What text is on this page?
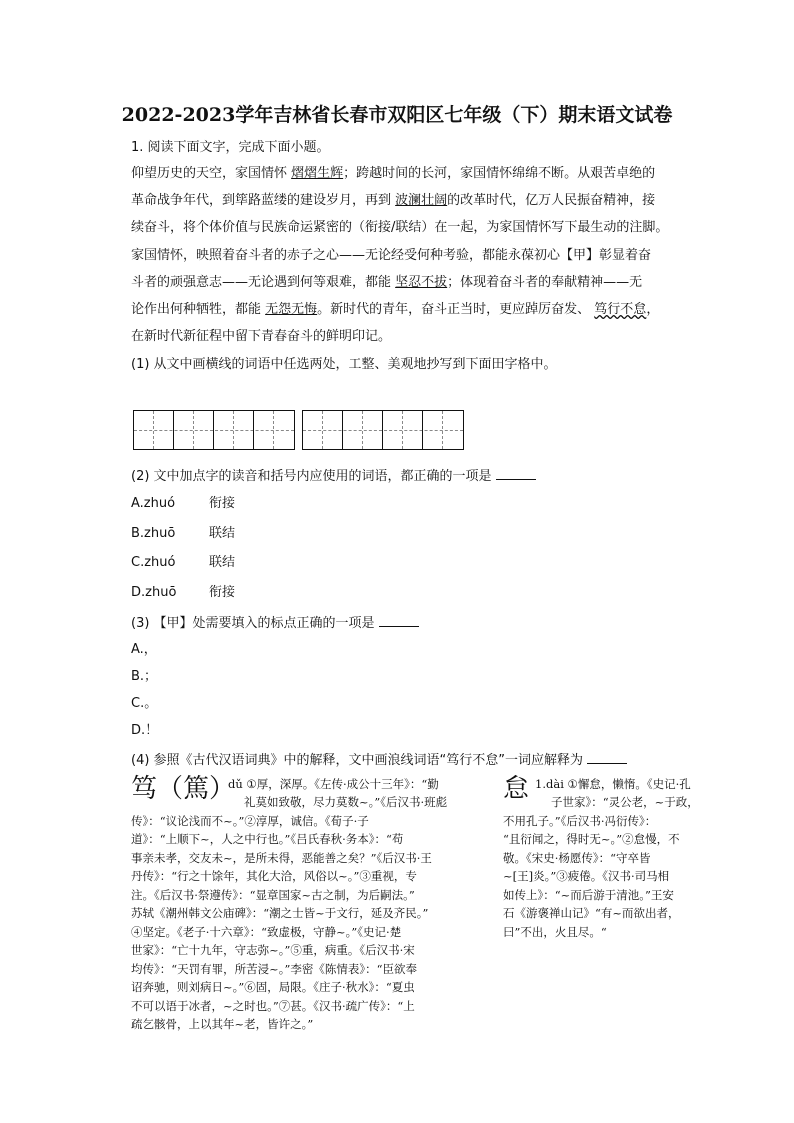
2022-2023学年吉林省长春市双阳区七年级（下）期末语文试卷
1. 阅读下面文字，完成下面小题。
仰望历史的天空，家国情怀 熠熠生辉；跨越时间的长河，家国情怀绵绵不断。从艰苦卓绝的
革命战争年代，到筚路蓝缕的建设岁月，再到 波澜壮阔的改革时代，亿万人民振奋精神，接
续奋斗，将个体价值与民族命运紧密的（衔接/联结）在一起，为家国情怀写下最生动的注脚。
家国情怀，映照着奋斗者的赤子之心——无论经受何种考验，都能永葆初心【甲】彰显着奋
斗者的顽强意志——无论遇到何等艰难，都能 坚忍不拔；体现着奋斗者的奉献精神——无
论作出何种牺牲，都能 无怨无悔。新时代的青年，奋斗正当时，更应踔厉奋发、 笃行不怠，
在新时代新征程中留下青春奋斗的鲜明印记。
(1) 从文中画横线的词语中任选两处，工整、美观地抄写到下面田字格中。
(2) 文中加点字的读音和括号内应使用的词语，都正确的一项是
A.zhuó	衔接
B.zhuō	联结
C.zhuó	联结
D.zhuō	衔接
(3) 【甲】处需要填入的标点正确的一项是
A.，
B.；
C.。
D.！
(4) 参照《古代汉语词典》中的解释，文中画浪线词语“笃行不怠”一词应解释为
笃（篤）
dǔ ①厚，深厚。《左传·成公十三年》：“勤
礼莫如致敬，尽力莫数~。”《后汉书·班彪
传》：“议论浅而不~。”②淳厚，诚信。《荀子·子
道》：“上顺下~，人之中行也。”《吕氏春秋·务本》：“苟
事亲未孝，交友未~，是所未得，恶能善之矣？”《后汉书·王
丹传》：“行之十馀年，其化大洽，风俗以~。”③重视，专
注。《后汉书·祭遵传》：“显章国家~古之制，为后嗣法。”
苏轼《潮州韩文公庙碑》：“潮之士皆~于文行，延及齐民。”
④坚定。《老子·十六章》：“致虚极，守静~。”《史记·楚
世家》：“亡十九年，守志弥~。”⑤重，病重。《后汉书·宋
均传》：“天罚有罪，所苦浸~。”李密《陈情表》：“臣欲奉
诏奔驰，则刘病日~。”⑥固，局限。《庄子·秋水》：“夏虫
不可以语于冰者，~之时也。”⑦甚。《汉书·疏广传》：“上
疏乞骸骨，上以其年~老，皆许之。”
怠 1.dài ①懈怠，懒惰。《史记·孔
子世家》：“灵公老，~于政，
不用孔子。”《后汉书·冯衍传》：
“且衍闻之，得时无~。”②怠慢，不
敬。《宋史·杨愿传》：“守卒皆
~[王]炎。”③疲倦。《汉书·司马相
如传上》：“~而后游于清池。”王安
石《游褒禅山记》“有~而欲出者，
曰”不出，火且尽。“
